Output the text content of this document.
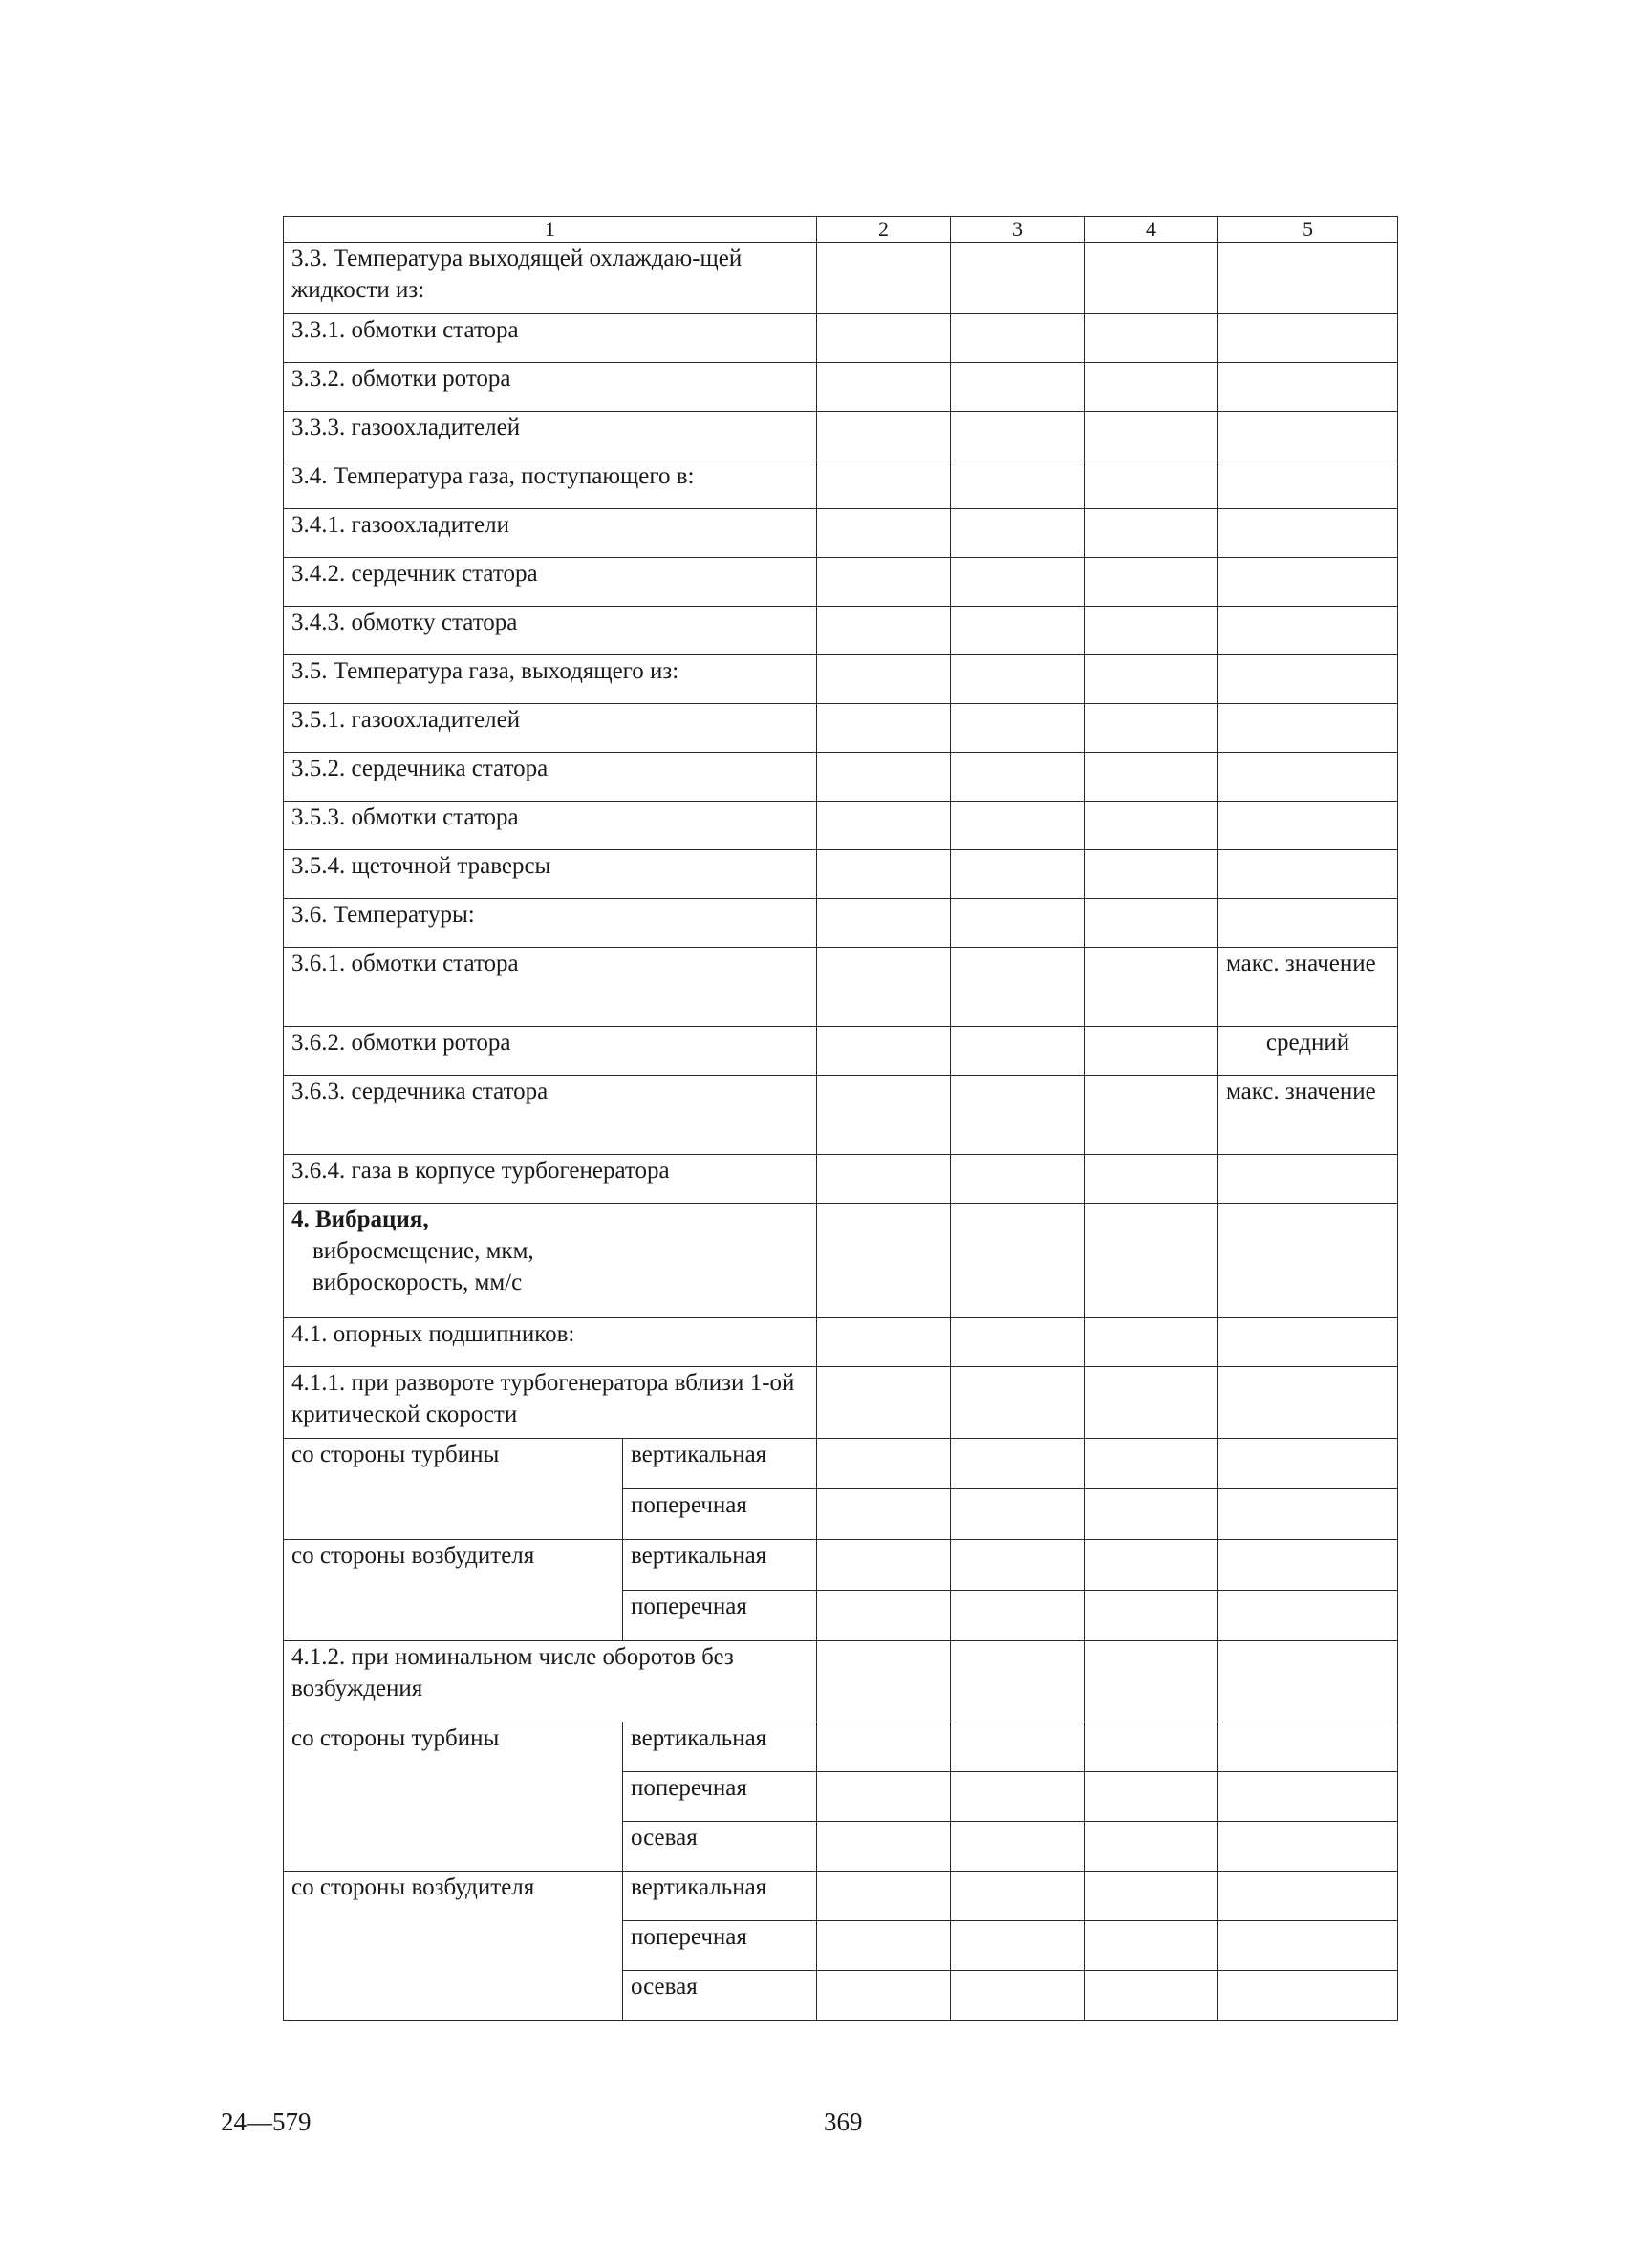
1		2	3	4	5
3.3. Температура выходящей охлаждаю-щей жидкости из:					
3.3.1. обмотки статора					
3.3.2. обмотки ротора					
3.3.3. газоохладителей					
3.4. Температура газа, поступающего в:					
3.4.1. газоохладители					
3.4.2. сердечник статора					
3.4.3. обмотку статора					
3.5. Температура газа, выходящего из:					
3.5.1. газоохладителей					
3.5.2. сердечника статора					
3.5.3. обмотки статора					
3.5.4. щеточной траверсы					
3.6. Температуры:					
3.6.1. обмотки статора					макс. значение
3.6.2. обмотки ротора					средний
3.6.3. сердечника статора					макс. значение
3.6.4. газа в корпусе турбогенератора					

4. Вибрация,
виброcмещение, мкм,
виброскорость, мм/с					

4.1. опорных подшипников:					
4.1.1. при развороте турбогенератора вблизи 1-ой критической скорости					
со стороны турбины	вертикальная				
	поперечная				
со стороны возбудителя	вертикальная				
	поперечная				
4.1.2. при номинальном числе оборотов без возбуждения					
со стороны турбины	вертикальная				
	поперечная				
	осевая				
со стороны возбудителя	вертикальная				
	поперечная				
	осевая				
24—579	369
